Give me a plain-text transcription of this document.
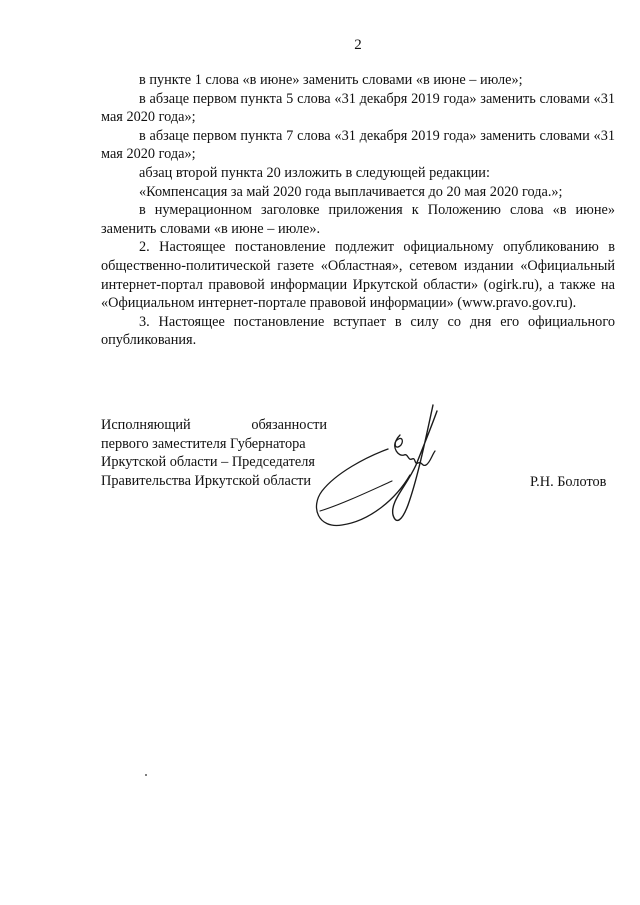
2

в пункте 1 слова «в июне» заменить словами «в июне – июле»;

в абзаце первом пункта 5 слова «31 декабря 2019 года» заменить словами «31 мая 2020 года»;

в абзаце первом пункта 7 слова «31 декабря 2019 года» заменить словами «31 мая 2020 года»;

абзац второй пункта 20 изложить в следующей редакции:

«Компенсация за май 2020 года выплачивается до 20 мая 2020 года.»;

в нумерационном заголовке приложения к Положению слова «в июне» заменить словами «в июне – июле».

2. Настоящее постановление подлежит официальному опубликованию в общественно-политической газете «Областная», сетевом издании «Официальный интернет-портал правовой информации Иркутской области» (ogirk.ru), а также на «Официальном интернет-портале правовой информации» (www.pravo.gov.ru).

3. Настоящее постановление вступает в силу со дня его официального опубликования.

Исполняющий	обязанности
первого заместителя Губернатора
Иркутской области – Председателя
Правительства Иркутской области	Р.Н. Болотов
